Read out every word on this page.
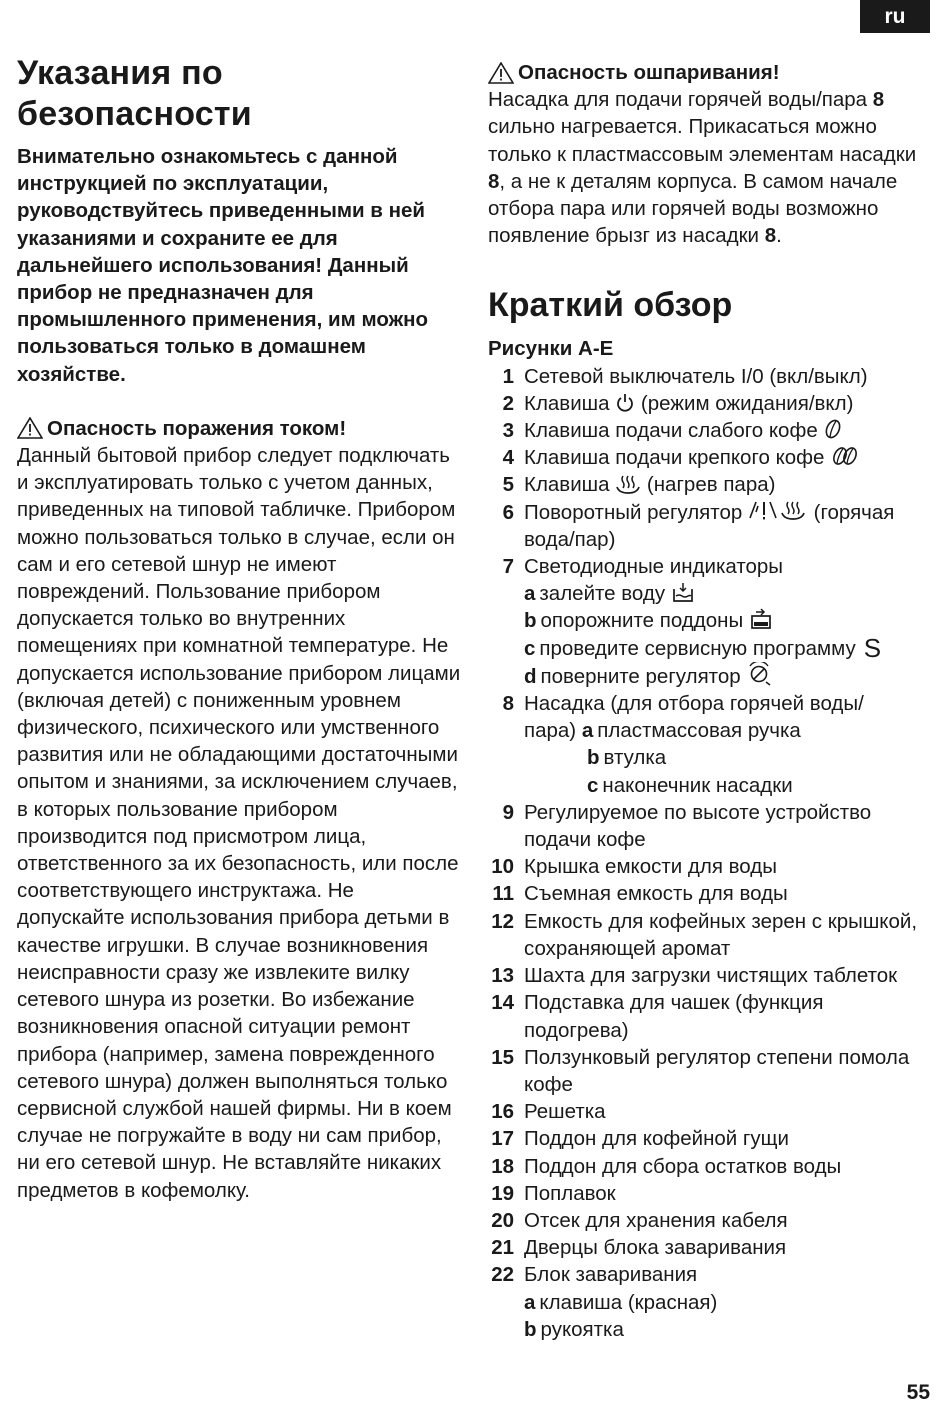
ru
Указания по
безопасности

Внимательно ознакомьтесь с данной инструкцией по эксплуатации, руководствуйтесь приведенными в ней указаниями и сохраните ее для дальнейшего использования! Данный прибор не предназначен для промышленного применения, им можно пользоваться только в домашнем хозяйстве.

Опасность поражения током!

Данный бытовой прибор следует подключать и эксплуатировать только с учетом данных, приведенных на типовой табличке. Прибором можно пользоваться только в случае, если он сам и его сетевой шнур не имеют повреждений. Пользование прибором допускается только во внутренних помещениях при комнатной температуре. Не допускается использование прибором лицами (включая детей) с пониженным уровнем физического, психического или умственного развития или не обладающими достаточными опытом и знаниями, за исключением случаев, в которых пользование прибором производится под присмотром лица, ответственного за их безопасность, или после соответствующего инструктажа. Не допускайте использования прибора детьми в качестве игрушки. В случае возникновения неисправности сразу же извлеките вилку сетевого шнура из розетки. Во избежание возникновения опасной ситуации ремонт прибора (например, замена поврежденного сетевого шнура) должен выполняться только сервисной службой нашей фирмы. Ни в коем случае не погружайте в воду ни сам прибор, ни его сетевой шнур. Не вставляйте никаких предметов в кофемолку.

Опасность ошпаривания!

Насадка для подачи горячей воды/пара 8 сильно нагревается. Прикасаться можно только к пластмассовым элементам насадки 8, а не к деталям корпуса. В самом начале отбора пара или горячей воды возможно появление брызг из насадки 8.

Краткий обзор
Рисунки A-E
1 Сетевой выключатель I/0 (вкл/выкл)
2 Клавиша  (режим ожидания/вкл)
3 Клавиша подачи слабого кофе
4 Клавиша подачи крепкого кофе
5 Клавиша  (нагрев пара)
6 Поворотный регулятор	(горячая вода/пар)
7 Светодиодные индикаторы
a залейте воду
b опорожните поддоны
c проведите сервисную программу S
d поверните регулятор
8 Насадка (для отбора горячей воды/
пара) a пластмассовая ручка
b втулка
c наконечник насадки
9 Регулируемое по высоте устройство подачи кофе
10 Крышка емкости для воды
11 Съемная емкость для воды
12 Емкость для кофейных зерен с крышкой, сохраняющей аромат
13 Шахта для загрузки чистящих таблеток
14 Подставка для чашек (функция подогрева)
15 Ползунковый регулятор степени помола кофе
16 Решетка
17 Поддон для кофейной гущи
18 Поддон для сбора остатков воды
19 Поплавок
20 Отсек для хранения кабеля
21 Дверцы блока заваривания
22 Блок заваривания
a клавиша (красная)
b рукоятка
55
